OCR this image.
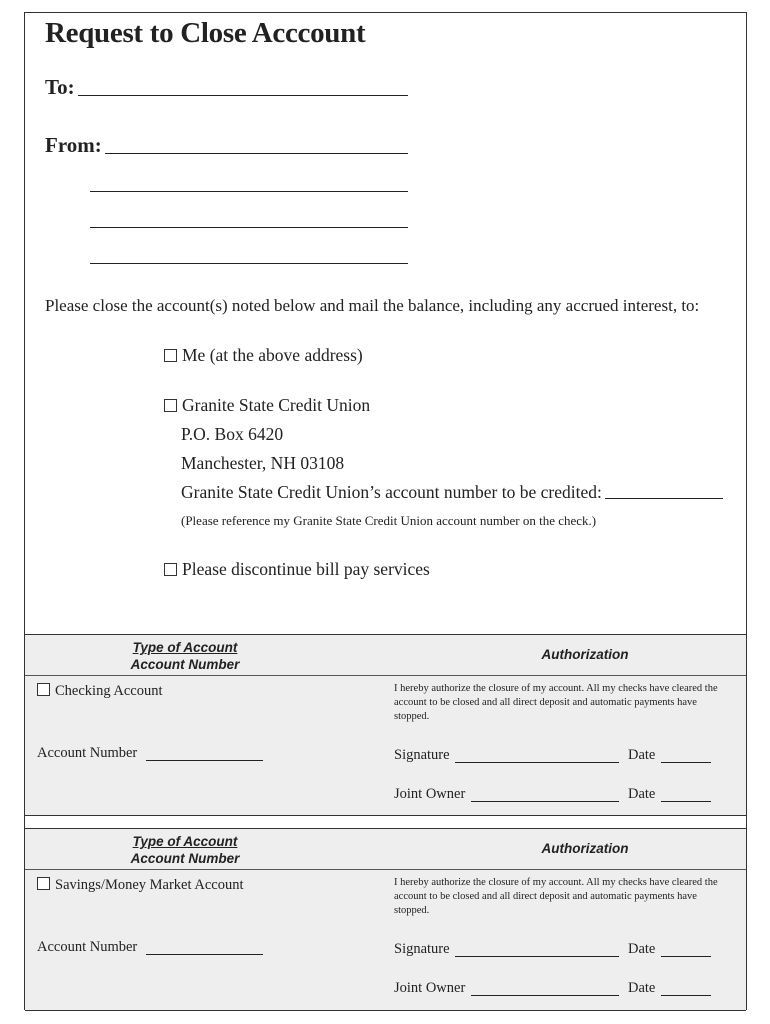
Request to Close Acccount
To:
From:
Please close the account(s) noted below and mail the balance, including any accrued interest, to:
Me (at the above address)
Granite State Credit Union
P.O. Box 6420
Manchester, NH 03108
Granite State Credit Union’s account number to be credited:
(Please reference my Granite State Credit Union account number on the check.)
Please discontinue bill pay services
Type of Account
Account Number
Authorization
Checking Account
Account Number
I hereby authorize the closure of my account. All my checks have cleared the account to be closed and all direct deposit and automatic payments have stopped.
Signature	Date
Joint Owner	Date
Type of Account
Account Number
Authorization
Savings/Money Market Account
Account Number
I hereby authorize the closure of my account. All my checks have cleared the account to be closed and all direct deposit and automatic payments have stopped.
Signature	Date
Joint Owner	Date
